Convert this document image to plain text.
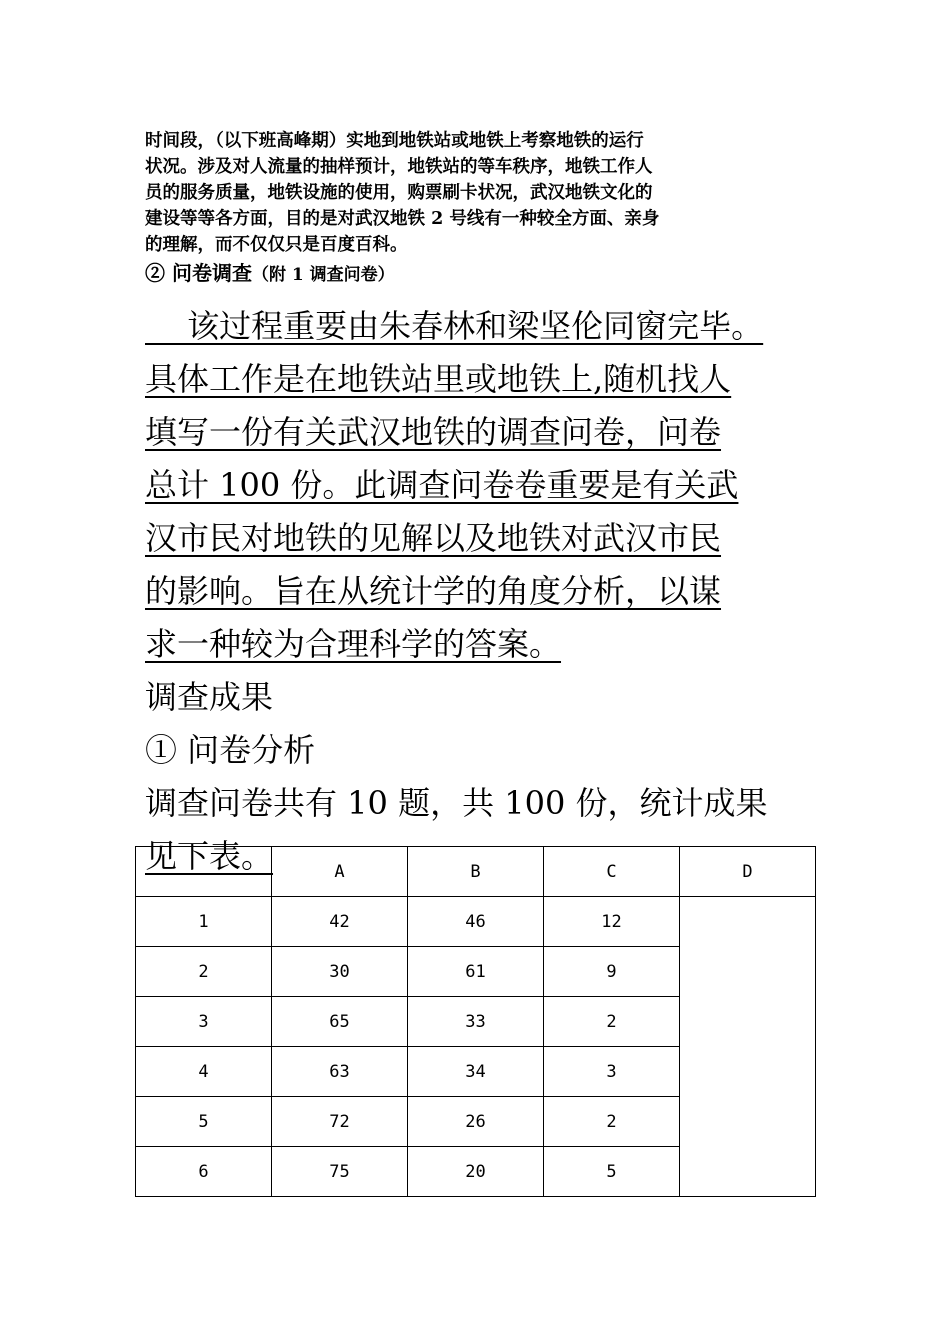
时间段，（以下班高峰期）实地到地铁站或地铁上考察地铁的运行
状况。涉及对人流量的抽样预计，地铁站的等车秩序，地铁工作人
员的服务质量，地铁设施的使用，购票刷卡状况，武汉地铁文化的
建设等等各方面，目的是对武汉地铁 2 号线有一种较全方面、亲身
的理解，而不仅仅只是百度百科。
② 问卷调查（附 1 调查问卷）
　 该过程重要由朱春林和梁坚伦同窗完毕。
具体工作是在地铁站里或地铁上,随机找人
填写一份有关武汉地铁的调查问卷，问卷
总计 100 份。此调查问卷卷重要是有关武
汉市民对地铁的见解以及地铁对武汉市民
的影响。旨在从统计学的角度分析，以谋
求一种较为合理科学的答案。
调查成果
① 问卷分析
调查问卷共有 10 题，共 100 份，统计成果
见下表。
		A	B	C	D
1	42	46	12	
2	30	61	9	
3	65	33	2	
4	63	34	3	
5	72	26	2	
6	75	20	5	
